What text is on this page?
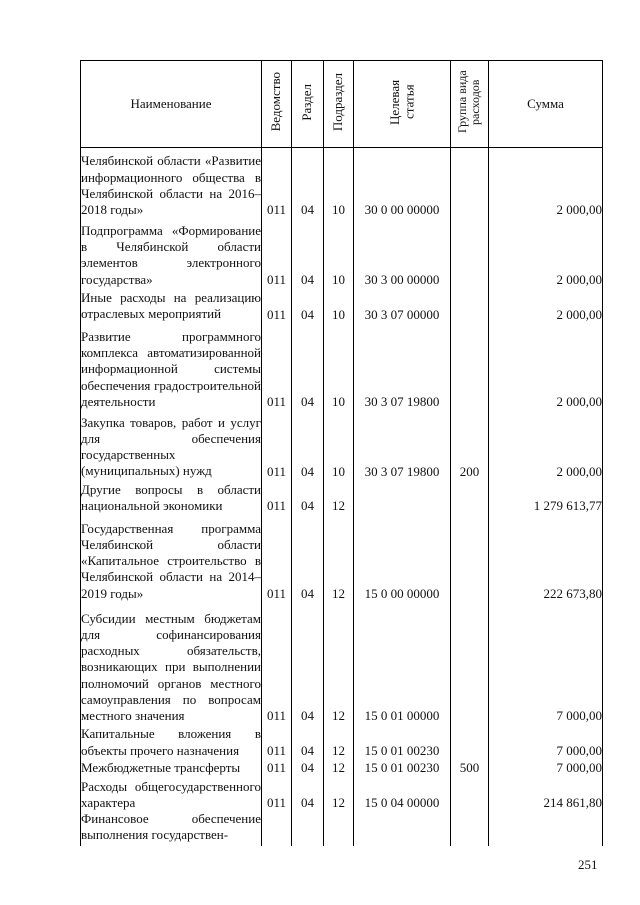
Наименование	Ведомство	Раздел	Подраздел	Целевая статья	Группа вида расходов	Сумма
Челябинской области «Развитие информационного общества в Челябинской области на 2016–2018 годы»	011	04	10	30 0 00 00000		2 000,00
Подпрограмма «Формирование в Челябинской области элементов электронного государства»	011	04	10	30 3 00 00000		2 000,00
Иные расходы на реализацию отраслевых мероприятий	011	04	10	30 3 07 00000		2 000,00
Развитие программного комплекса автоматизированной информационной системы обеспечения градостроительной деятельности	011	04	10	30 3 07 19800		2 000,00
Закупка товаров, работ и услуг для обеспечения государственных (муниципальных) нужд	011	04	10	30 3 07 19800	200	2 000,00
Другие вопросы в области национальной экономики	011	04	12			1 279 613,77
Государственная программа Челябинской области «Капитальное строительство в Челябинской области на 2014–2019 годы»	011	04	12	15 0 00 00000		222 673,80
Субсидии местным бюджетам для софинансирования расходных обязательств, возникающих при выполнении полномочий органов местного самоуправления по вопросам местного значения	011	04	12	15 0 01 00000		7 000,00
Капитальные вложения в объекты прочего назначения	011	04	12	15 0 01 00230		7 000,00
Межбюджетные трансферты	011	04	12	15 0 01 00230	500	7 000,00
Расходы общегосударственного характера	011	04	12	15 0 04 00000		214 861,80
Финансовое обеспечение выполнения государствен-						
251
